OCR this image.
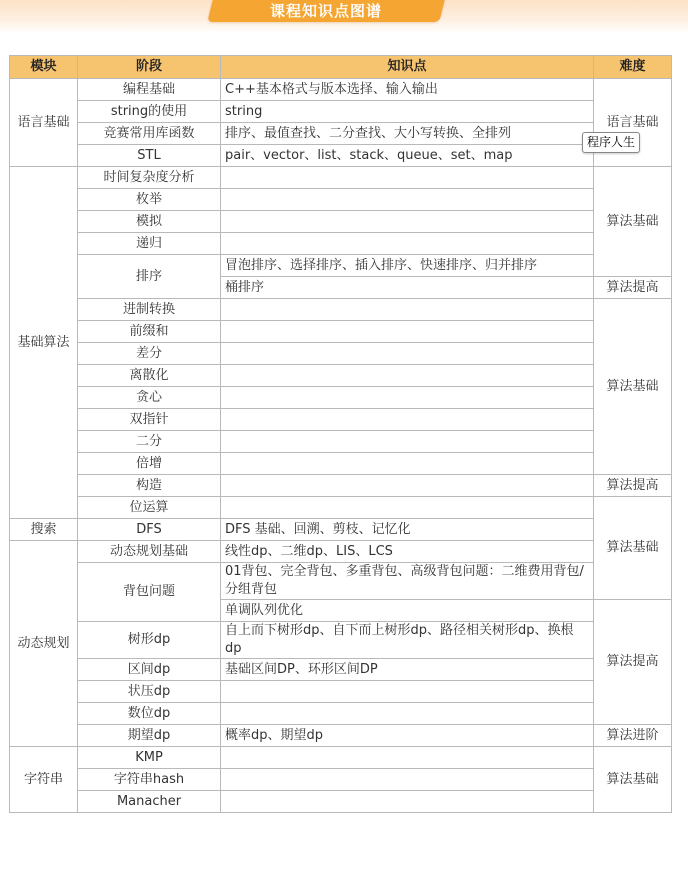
课程知识点图谱
模块	阶段	知识点	难度
语言基础	编程基础	C++基本格式与版本选择、输入输出	语言基础
	string的使用	string	
	竞赛常用库函数	排序、最值查找、二分查找、大小写转换、全排列	
	STL	pair、vector、list、stack、queue、set、map	
基础算法	时间复杂度分析		算法基础
	枚举		
	模拟		
	递归		
	排序	冒泡排序、选择排序、插入排序、快速排序、归并排序	
		桶排序	算法提高
	进制转换		算法基础
	前缀和		
	差分		
	离散化		
	贪心		
	双指针		
	二分		
	倍增		
	构造		算法提高
	位运算		算法基础
搜索	DFS	DFS 基础、回溯、剪枝、记忆化	
动态规划	动态规划基础	线性dp、二维dp、LIS、LCS	
	背包问题	01背包、完全背包、多重背包、高级背包问题：二维费用背包/分组背包	
		单调队列优化	算法提高
	树形dp	自上而下树形dp、自下而上树形dp、路径相关树形dp、换根dp	
	区间dp	基础区间DP、环形区间DP	
	状压dp		
	数位dp		
	期望dp	概率dp、期望dp	算法进阶
字符串	KMP		算法基础
	字符串hash		
	Manacher		
程序人生
